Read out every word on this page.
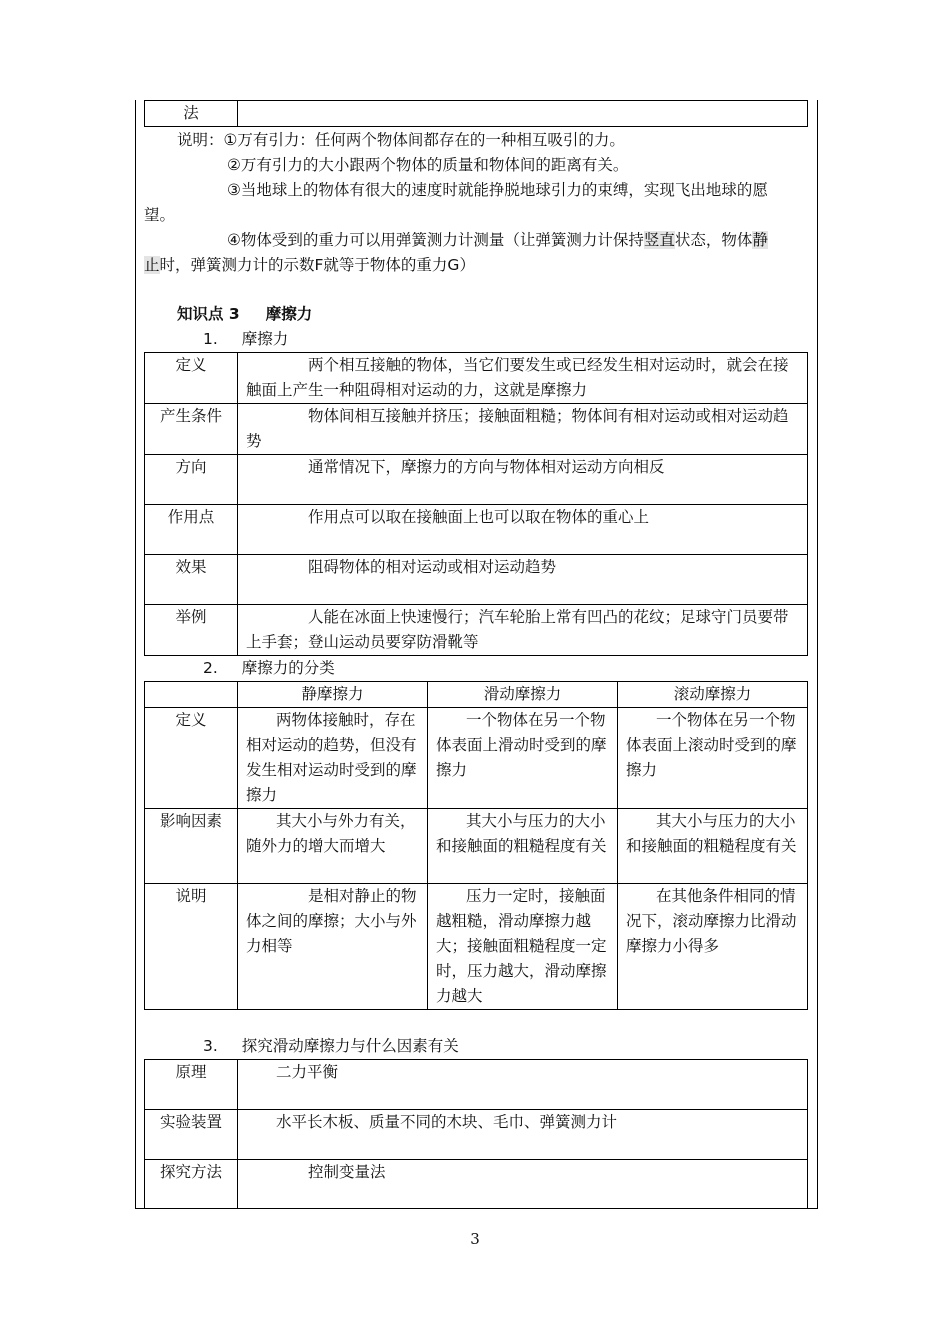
法	
说明：①万有引力：任何两个物体间都存在的一种相互吸引的力。
②万有引力的大小跟两个物体的质量和物体间的距离有关。
③当地球上的物体有很大的速度时就能挣脱地球引力的束缚，实现飞出地球的愿
望。
④物体受到的重力可以用弹簧测力计测量（让弹簧测力计保持竖直状态，物体静
止时，弹簧测力计的示数F就等于物体的重力G）
知识点 3 摩擦力
1. 摩擦力
定义	两个相互接触的物体，当它们要发生或已经发生相对运动时，就会在接触面上产生一种阻碍相对运动的力，这就是摩擦力
产生条件	物体间相互接触并挤压；接触面粗糙；物体间有相对运动或相对运动趋势
方向	通常情况下，摩擦力的方向与物体相对运动方向相反
作用点	作用点可以取在接触面上也可以取在物体的重心上
效果	阻碍物体的相对运动或相对运动趋势
举例	人能在冰面上快速慢行；汽车轮胎上常有凹凸的花纹；足球守门员要带上手套；登山运动员要穿防滑靴等
2. 摩擦力的分类
	静摩擦力	滑动摩擦力	滚动摩擦力
定义	两物体接触时，存在相对运动的趋势，但没有发生相对运动时受到的摩擦力	一个物体在另一个物体表面上滑动时受到的摩擦力	一个物体在另一个物体表面上滚动时受到的摩擦力
影响因素	其大小与外力有关，随外力的增大而增大	其大小与压力的大小和接触面的粗糙程度有关	其大小与压力的大小和接触面的粗糙程度有关
说明	是相对静止的物体之间的摩擦；大小与外力相等	压力一定时，接触面越粗糙，滑动摩擦力越大；接触面粗糙程度一定时，压力越大，滑动摩擦力越大	在其他条件相同的情况下，滚动摩擦力比滑动摩擦力小得多
3. 探究滑动摩擦力与什么因素有关
原理	二力平衡
实验装置	水平长木板、质量不同的木块、毛巾、弹簧测力计
探究方法	控制变量法
3
